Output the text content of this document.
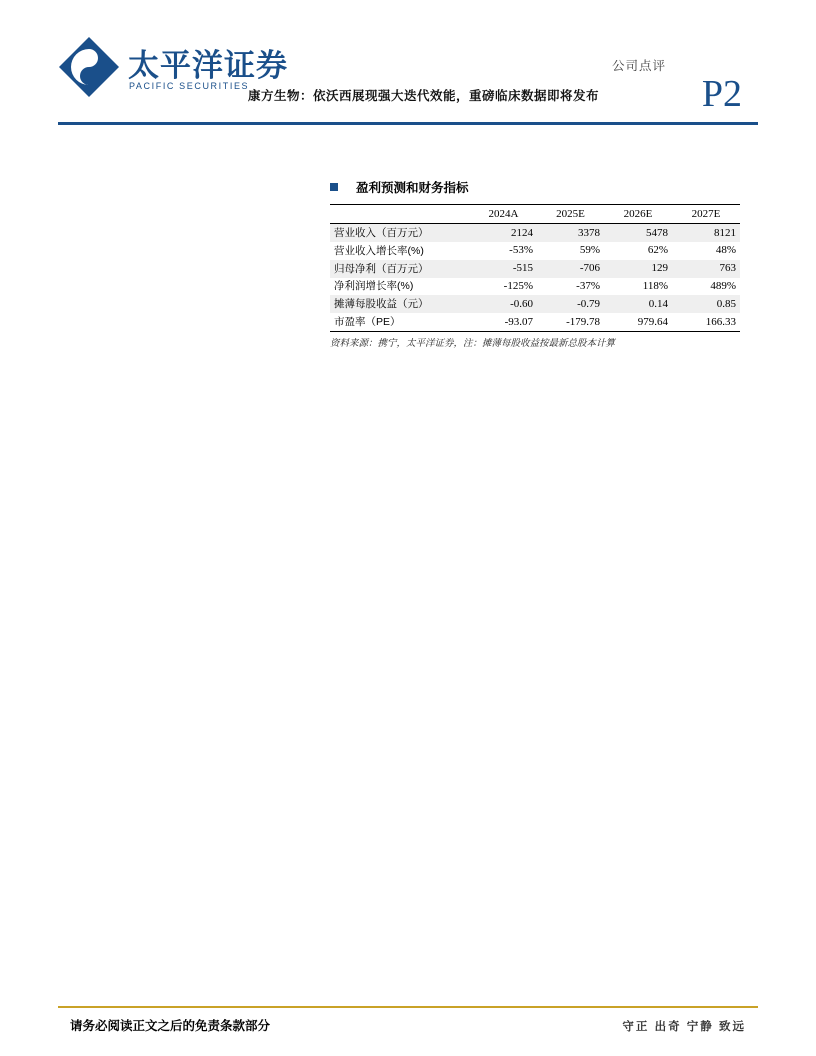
太平洋证券
PACIFIC SECURITIES
公司点评
P2
康方生物：依沃西展现强大迭代效能，重磅临床数据即将发布
盈利预测和财务指标
	2024A	2025E	2026E	2027E
营业收入（百万元）	2124	3378	5478	8121
营业收入增长率(%)	-53%	59%	62%	48%
归母净利（百万元）	-515	-706	129	763
净利润增长率(%)	-125%	-37%	118%	489%
摊薄每股收益（元）	-0.60	-0.79	0.14	0.85
市盈率（PE）	-93.07	-179.78	979.64	166.33
资料来源：携宁，太平洋证券，注：摊薄每股收益按最新总股本计算
请务必阅读正文之后的免责条款部分	守正 出奇 宁静 致远
